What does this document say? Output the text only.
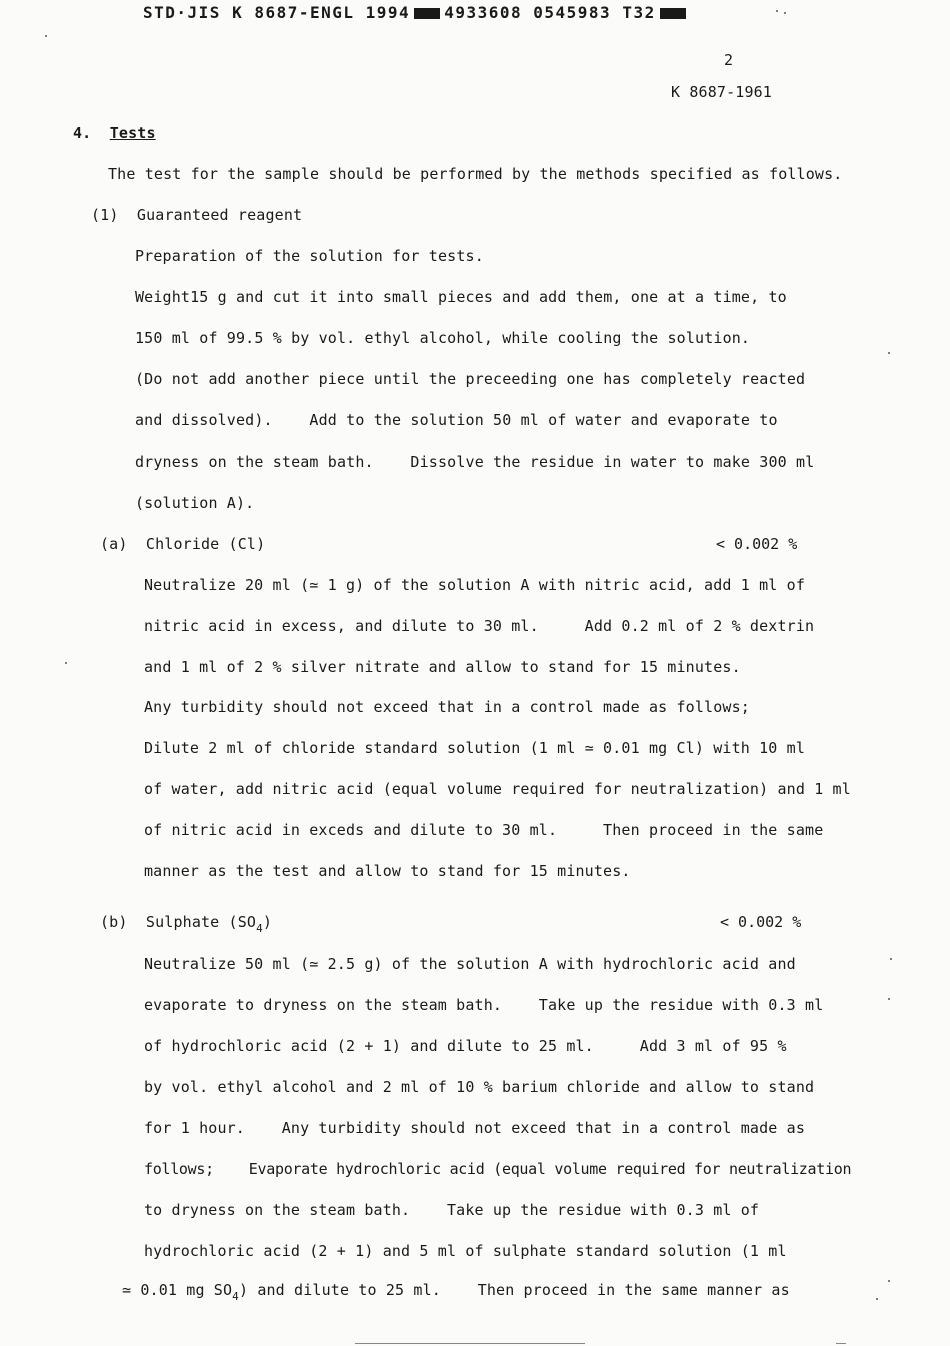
STD·JIS K 8687-ENGL 1994 4933608 0545983 T32
2
K 8687-1961
4. Tests
The test for the sample should be performed by the methods specified as follows.
(1) Guaranteed reagent
Preparation of the solution for tests.
Weight15 g and cut it into small pieces and add them, one at a time, to
150 ml of 99.5 % by vol. ethyl alcohol, while cooling the solution.
(Do not add another piece until the preceeding one has completely reacted
and dissolved).    Add to the solution 50 ml of water and evaporate to
dryness on the steam bath.    Dissolve the residue in water to make 300 ml
(solution A).
(a) Chloride (Cl)	< 0.002 %
Neutralize 20 ml (≃ 1 g) of the solution A with nitric acid, add 1 ml of
nitric acid in excess, and dilute to 30 ml.     Add 0.2 ml of 2 % dextrin
and 1 ml of 2 % silver nitrate and allow to stand for 15 minutes.
Any turbidity should not exceed that in a control made as follows;
Dilute 2 ml of chloride standard solution (1 ml ≃ 0.01 mg Cl) with 10 ml
of water, add nitric acid (equal volume required for neutralization) and 1 ml
of nitric acid in exceds and dilute to 30 ml.     Then proceed in the same
manner as the test and allow to stand for 15 minutes.
(b) Sulphate $(SO_4)$	< 0.002 %
Neutralize 50 ml (≃ 2.5 g) of the solution A with hydrochloric acid and
evaporate to dryness on the steam bath.    Take up the residue with 0.3 ml
of hydrochloric acid (2 + 1) and dilute to 25 ml.     Add 3 ml of 95 %
by vol. ethyl alcohol and 2 ml of 10 % barium chloride and allow to stand
for 1 hour.    Any turbidity should not exceed that in a control made as
follows;    Evaporate hydrochloric acid (equal volume required for neutralization
to dryness on the steam bath.    Take up the residue with 0.3 ml of
hydrochloric acid (2 + 1) and 5 ml of sulphate standard solution (1 ml
≃ 0.01 mg $SO_4$) and dilute to 25 ml.    Then proceed in the same manner as
